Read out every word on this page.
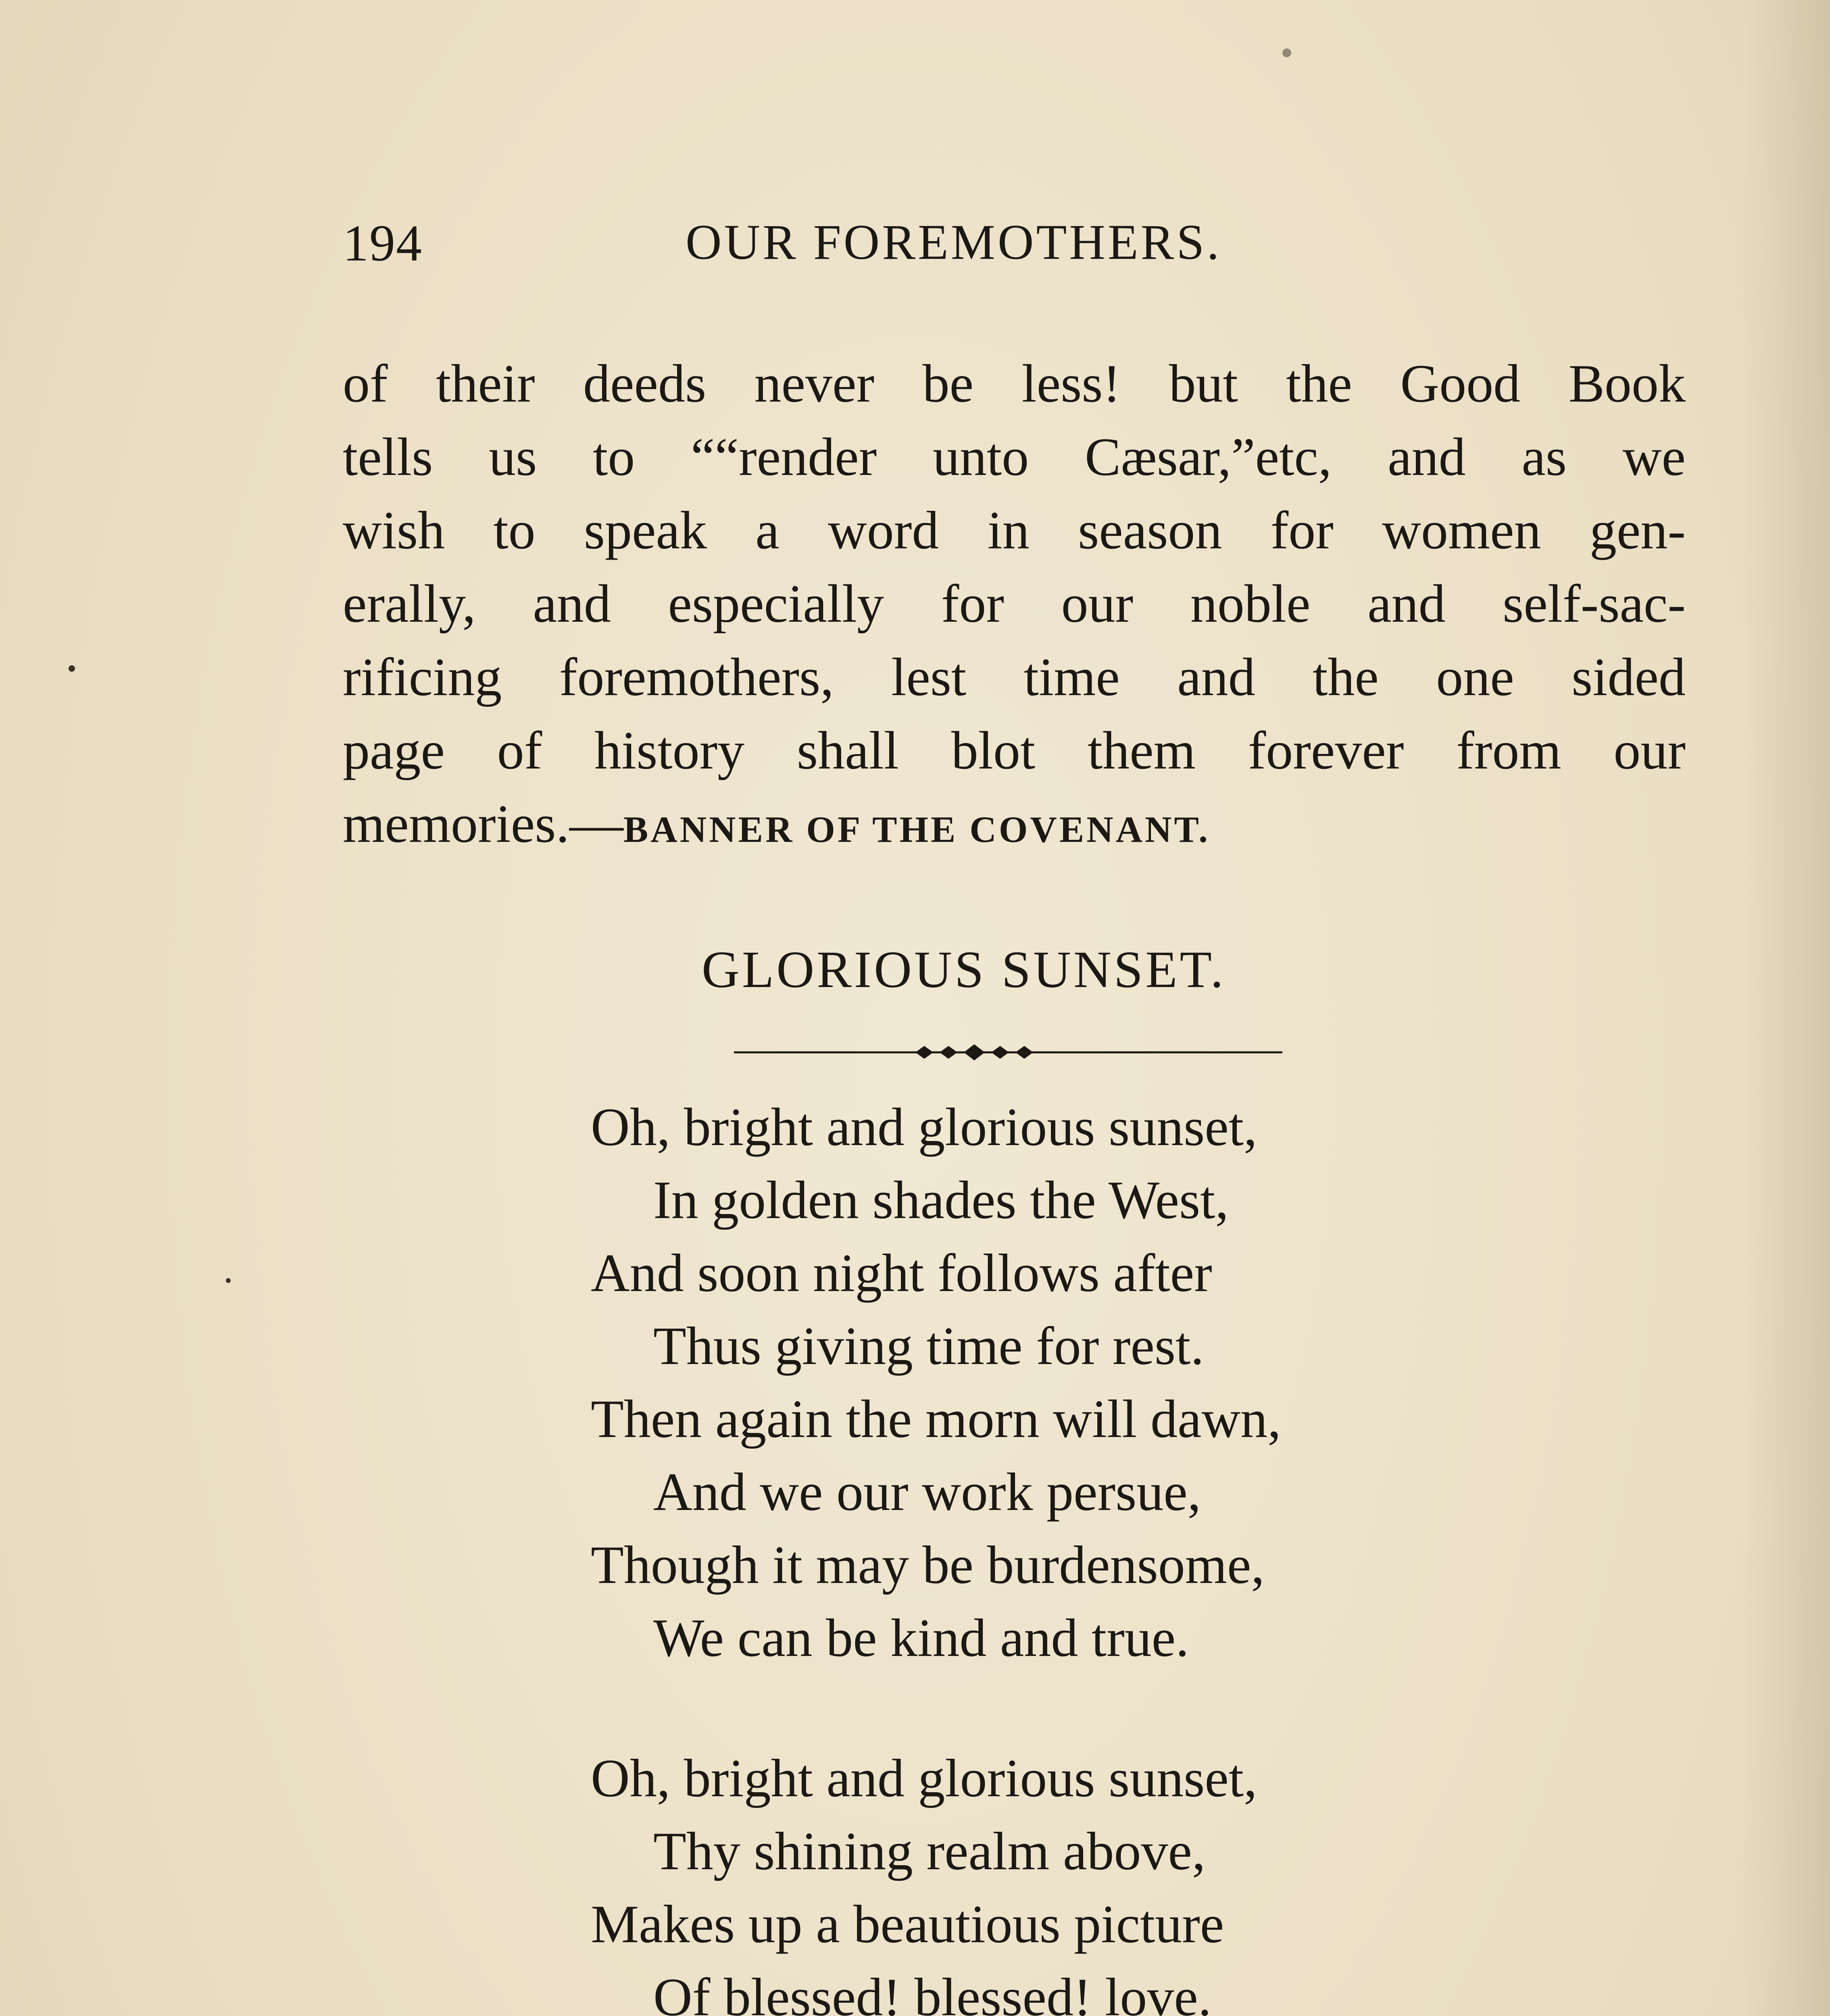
194	OUR FOREMOTHERS.
of their deeds never be less! but the Good Book
tells us to ““render unto Cæsar,”etc, and as we
wish to speak a word in season for women gen-
erally, and especially for our noble and self-sac-
rificing foremothers, lest time and the one sided
page of history shall blot them forever from our
memories.—BANNER OF THE COVENANT.
GLORIOUS SUNSET.
Oh, bright and glorious sunset,
In golden shades the West,
And soon night follows after
Thus giving time for rest.
Then again the morn will dawn,
And we our work persue,
Though it may be burdensome,
We can be kind and true.
Oh, bright and glorious sunset,
Thy shining realm above,
Makes up a beautious picture
Of blessed! blessed! love.
